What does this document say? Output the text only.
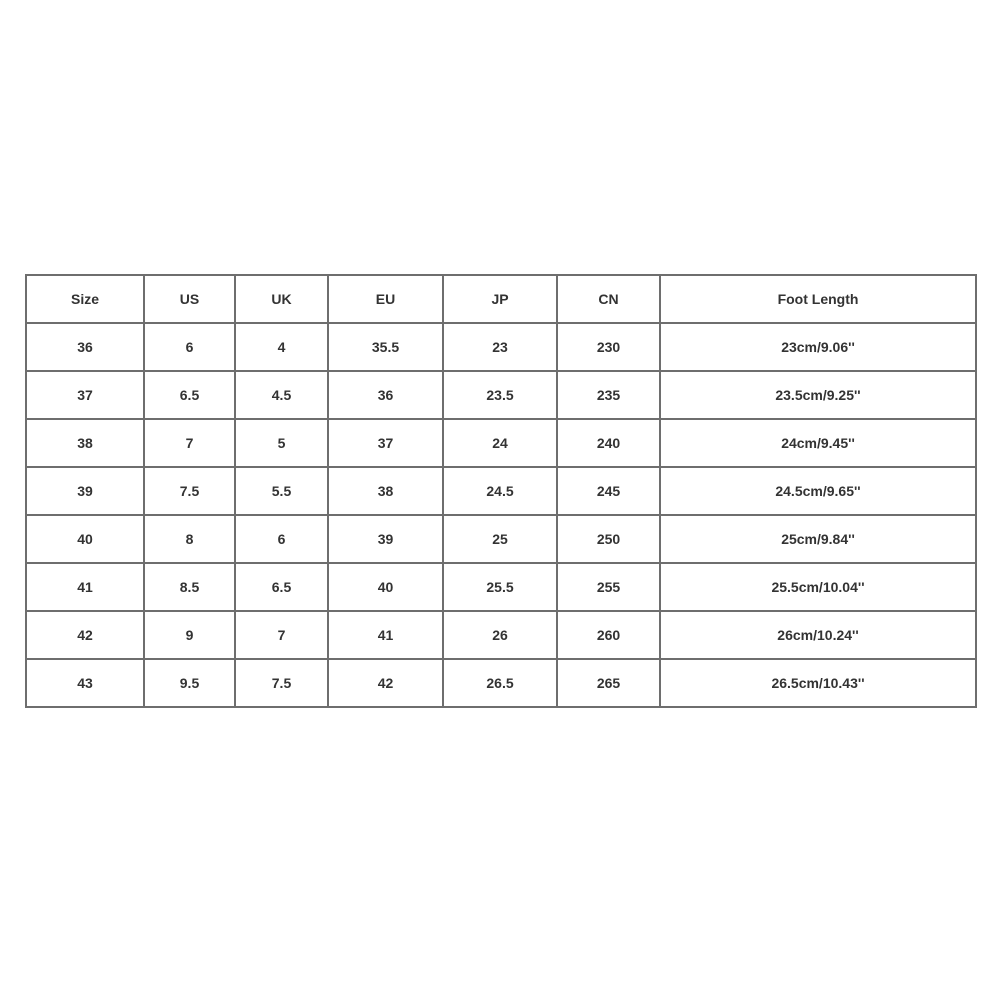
Size	US	UK	EU	JP	CN	Foot Length
36	6	4	35.5	23	230	23cm/9.06''
37	6.5	4.5	36	23.5	235	23.5cm/9.25''
38	7	5	37	24	240	24cm/9.45''
39	7.5	5.5	38	24.5	245	24.5cm/9.65''
40	8	6	39	25	250	25cm/9.84''
41	8.5	6.5	40	25.5	255	25.5cm/10.04''
42	9	7	41	26	260	26cm/10.24''
43	9.5	7.5	42	26.5	265	26.5cm/10.43''
